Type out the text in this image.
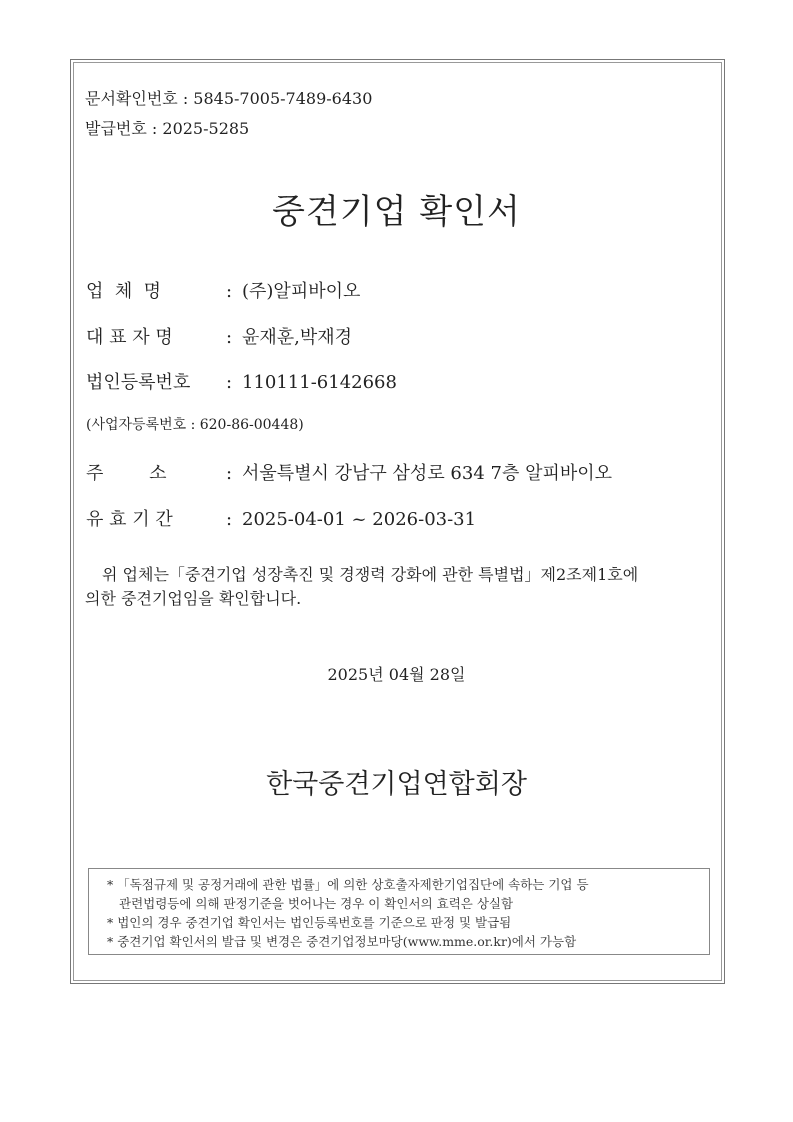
문서확인번호 : 5845-7005-7489-6430
발급번호 : 2025-5285
중견기업 확인서
업  체  명	: (주)알피바이오
대 표 자 명	: 윤재훈,박재경
법인등록번호 : 110111-6142668
(사업자등록번호 : 620-86-00448)
주        소	: 서울특별시 강남구 삼성로 634 7층 알피바이오
유 효 기 간	: 2025-04-01 ~ 2026-03-31
위 업체는「중견기업 성장촉진 및 경쟁력 강화에 관한 특별법」제2조제1호에
의한 중견기업임을 확인합니다.
2025년 04월 28일
한국중견기업연합회장
* 「독점규제 및 공정거래에 관한 법률」에 의한 상호출자제한기업집단에 속하는 기업 등
관련법령등에 의해 판정기준을 벗어나는 경우 이 확인서의 효력은 상실함
* 법인의 경우 중견기업 확인서는 법인등록번호를 기준으로 판정 및 발급됨
* 중견기업 확인서의 발급 및 변경은 중견기업정보마당(www.mme.or.kr)에서 가능함
